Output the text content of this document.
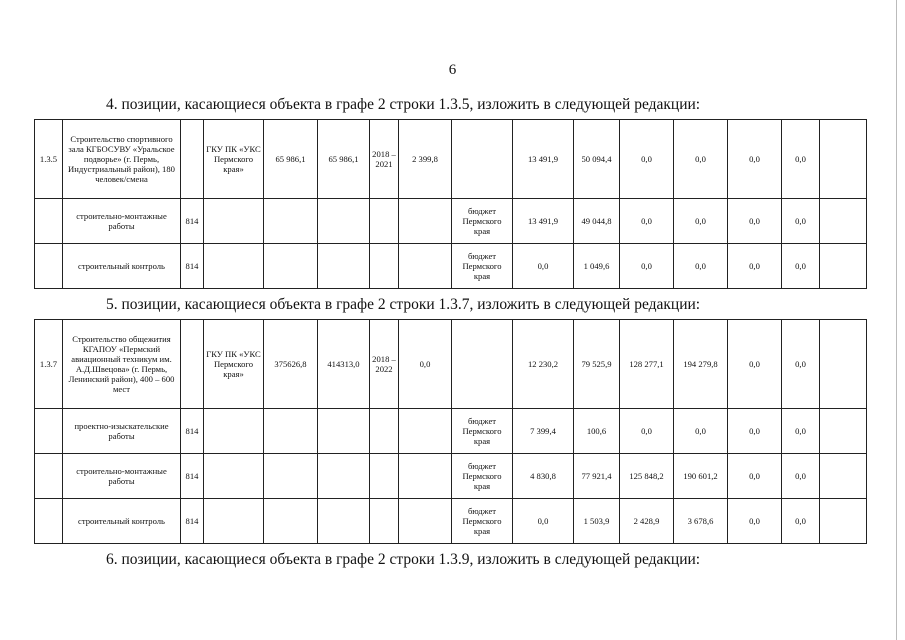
6
4. позиции, касающиеся объекта в графе 2 строки 1.3.5, изложить в следующей редакции:
1.3.5	Строительство спортивного зала КГБОСУВУ «Уральское подворье» (г. Пермь, Индустриальный район), 180 человек/смена		ГКУ ПК «УКС Пермского края»	65 986,1	65 986,1	2018 – 2021	2 399,8		13 491,9	50 094,4	0,0	0,0	0,0	0,0	
	строительно-монтажные работы	814						бюджет Пермского края	13 491,9	49 044,8	0,0	0,0	0,0	0,0	
	строительный контроль	814						бюджет Пермского края	0,0	1 049,6	0,0	0,0	0,0	0,0	
5. позиции, касающиеся объекта в графе 2 строки 1.3.7, изложить в следующей редакции:
1.3.7	Строительство общежития КГАПОУ «Пермский авиационный техникум им. А.Д.Швецова» (г. Пермь, Ленинский район), 400 – 600 мест		ГКУ ПК «УКС Пермского края»	375626,8	414313,0	2018 – 2022	0,0		12 230,2	79 525,9	128 277,1	194 279,8	0,0	0,0	
	проектно-изыскательские работы	814						бюджет Пермского края	7 399,4	100,6	0,0	0,0	0,0	0,0	
	строительно-монтажные работы	814						бюджет Пермского края	4 830,8	77 921,4	125 848,2	190 601,2	0,0	0,0	
	строительный контроль	814						бюджет Пермского края	0,0	1 503,9	2 428,9	3 678,6	0,0	0,0	
6. позиции, касающиеся объекта в графе 2 строки 1.3.9, изложить в следующей редакции:
